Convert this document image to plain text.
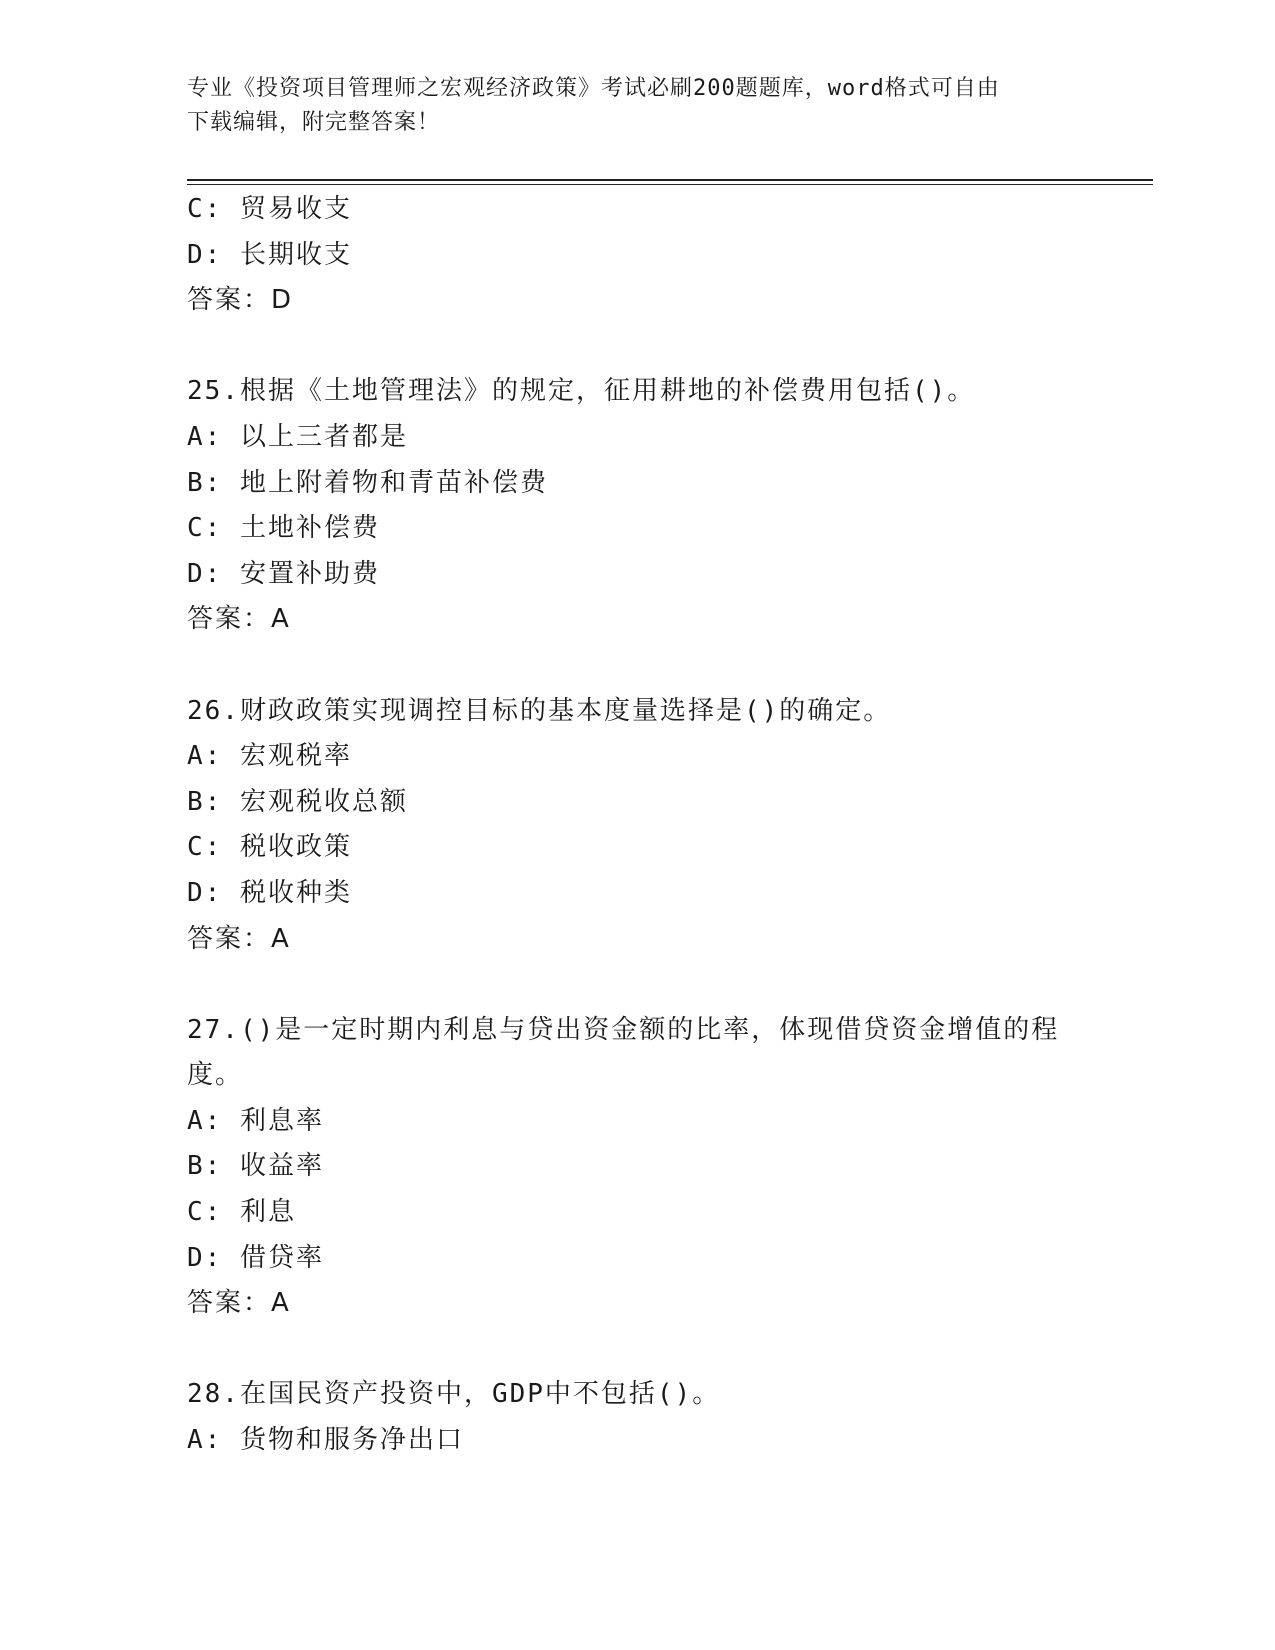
专业《投资项目管理师之宏观经济政策》考试必刷200题题库，word格式可自由
下载编辑，附完整答案！
C: 贸易收支
D: 长期收支
答案：D
25.根据《土地管理法》的规定，征用耕地的补偿费用包括()。
A: 以上三者都是
B: 地上附着物和青苗补偿费
C: 土地补偿费
D: 安置补助费
答案：A
26.财政政策实现调控目标的基本度量选择是()的确定。
A: 宏观税率
B: 宏观税收总额
C: 税收政策
D: 税收种类
答案：A
27.()是一定时期内利息与贷出资金额的比率，体现借贷资金增值的程
度。
A: 利息率
B: 收益率
C: 利息
D: 借贷率
答案：A
28.在国民资产投资中，GDP中不包括()。
A: 货物和服务净出口
